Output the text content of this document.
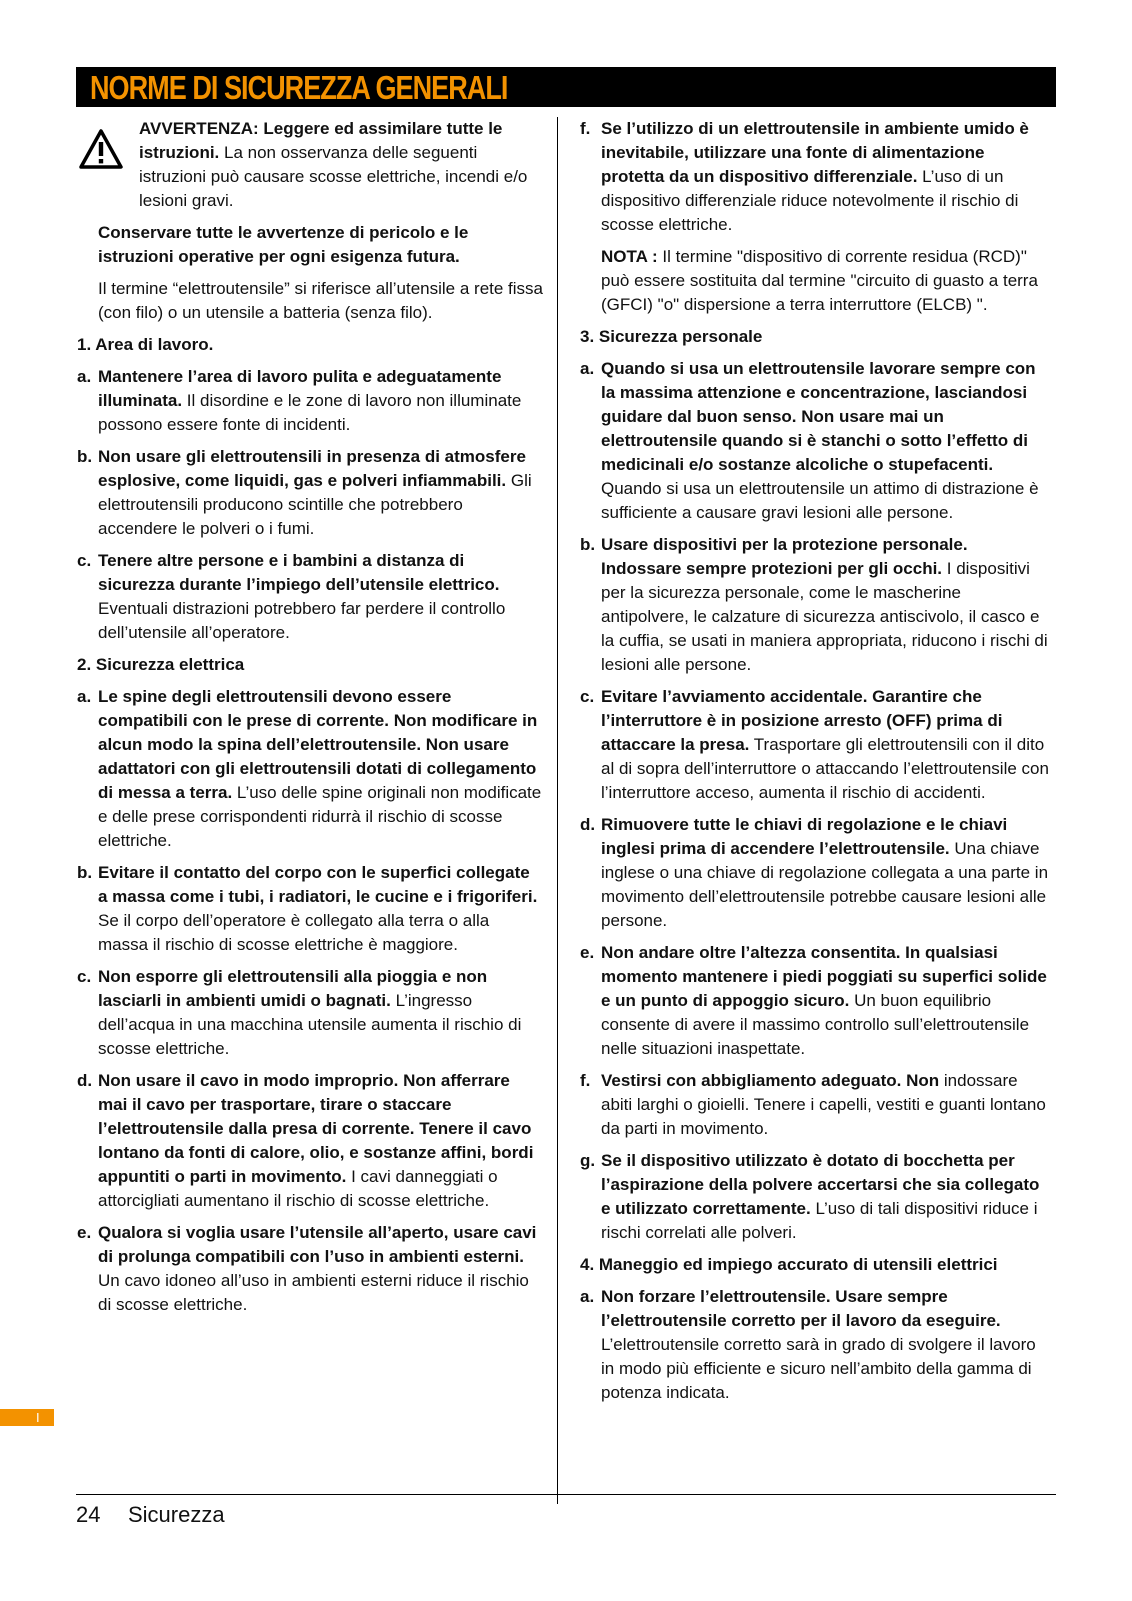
NORME DI SICUREZZA GENERALI
AVVERTENZA: Leggere ed assimilare tutte le istruzioni. La non osservanza delle seguenti istruzioni può causare scosse elettriche, incendi e/o lesioni gravi.

Conservare tutte le avvertenze di pericolo e le istruzioni operative per ogni esigenza futura.

Il termine “elettroutensile” si riferisce all’utensile a rete fissa (con filo) o un utensile a batteria (senza filo).

1. Area di lavoro.

a. Mantenere l’area di lavoro pulita e adeguatamente illuminata. Il disordine e le zone di lavoro non illuminate possono essere fonte di incidenti.

b. Non usare gli elettroutensili in presenza di atmosfere esplosive, come liquidi, gas e polveri infiammabili. Gli elettroutensili producono scintille che potrebbero accendere le polveri o i fumi.

c. Tenere altre persone e i bambini a distanza di sicurezza durante l’impiego dell’utensile elettrico. Eventuali distrazioni potrebbero far perdere il controllo dell’utensile all’operatore.

2. Sicurezza elettrica

a. Le spine degli elettroutensili devono essere compatibili con le prese di corrente. Non modificare in alcun modo la spina dell’elettroutensile. Non usare adattatori con gli elettroutensili dotati di collegamento di messa a terra. L’uso delle spine originali non modificate e delle prese corrispondenti ridurrà il rischio di scosse elettriche.

b. Evitare il contatto del corpo con le superfici collegate a massa come i tubi, i radiatori, le cucine e i frigoriferi. Se il corpo dell’operatore è collegato alla terra o alla massa il rischio di scosse elettriche è maggiore.

c. Non esporre gli elettroutensili alla pioggia e non lasciarli in ambienti umidi o bagnati. L’ingresso dell’acqua in una macchina utensile aumenta il rischio di scosse elettriche.

d. Non usare il cavo in modo improprio. Non afferrare mai il cavo per trasportare, tirare o staccare l’elettroutensile dalla presa di corrente. Tenere il cavo lontano da fonti di calore, olio, e sostanze affini, bordi appuntiti o parti in movimento. I cavi danneggiati o attorcigliati aumentano il rischio di scosse elettriche.

e. Qualora si voglia usare l’utensile all’aperto, usare cavi di prolunga compatibili con l’uso in ambienti esterni. Un cavo idoneo all’uso in ambienti esterni riduce il rischio di scosse elettriche.

f. Se l’utilizzo di un elettroutensile in ambiente umido è inevitabile, utilizzare una fonte di alimentazione protetta da un dispositivo differenziale. L’uso di un dispositivo differenziale riduce notevolmente il rischio di scosse elettriche.

NOTA : Il termine "dispositivo di corrente residua (RCD)" può essere sostituita dal termine "circuito di guasto a terra (GFCI) "o" dispersione a terra interruttore (ELCB) ".

3. Sicurezza personale

a. Quando si usa un elettroutensile lavorare sempre con la massima attenzione e concentrazione, lasciandosi guidare dal buon senso. Non usare mai un elettroutensile quando si è stanchi o sotto l’effetto di medicinali e/o sostanze alcoliche o stupefacenti. Quando si usa un elettroutensile un attimo di distrazione è sufficiente a causare gravi lesioni alle persone.

b. Usare dispositivi per la protezione personale. Indossare sempre protezioni per gli occhi. I dispositivi per la sicurezza personale, come le mascherine antipolvere, le calzature di sicurezza antiscivolo, il casco e la cuffia, se usati in maniera appropriata, riducono i rischi di lesioni alle persone.

c. Evitare l’avviamento accidentale. Garantire che l’interruttore è in posizione arresto (OFF) prima di attaccare la presa. Trasportare gli elettroutensili con il dito al di sopra dell’interruttore o attaccando l’elettroutensile con l’interruttore acceso, aumenta il rischio di accidenti.

d. Rimuovere tutte le chiavi di regolazione e le chiavi inglesi prima di accendere l’elettroutensile. Una chiave inglese o una chiave di regolazione collegata a una parte in movimento dell’elettroutensile potrebbe causare lesioni alle persone.

e. Non andare oltre l’altezza consentita. In qualsiasi momento mantenere i piedi poggiati su superfici solide e un punto di appoggio sicuro. Un buon equilibrio consente di avere il massimo controllo sull’elettroutensile nelle situazioni inaspettate.

f. Vestirsi con abbigliamento adeguato. Non indossare abiti larghi o gioielli. Tenere i capelli, vestiti e guanti lontano da parti in movimento.

g. Se il dispositivo utilizzato è dotato di bocchetta per l’aspirazione della polvere accertarsi che sia collegato e utilizzato correttamente. L’uso di tali dispositivi riduce i rischi correlati alle polveri.

4. Maneggio ed impiego accurato di utensili elettrici

a. Non forzare l’elettroutensile. Usare sempre l’elettroutensile corretto per il lavoro da eseguire. L’elettroutensile corretto sarà in grado di svolgere il lavoro in modo più efficiente e sicuro nell’ambito della gamma di potenza indicata.

I
24 Sicurezza
